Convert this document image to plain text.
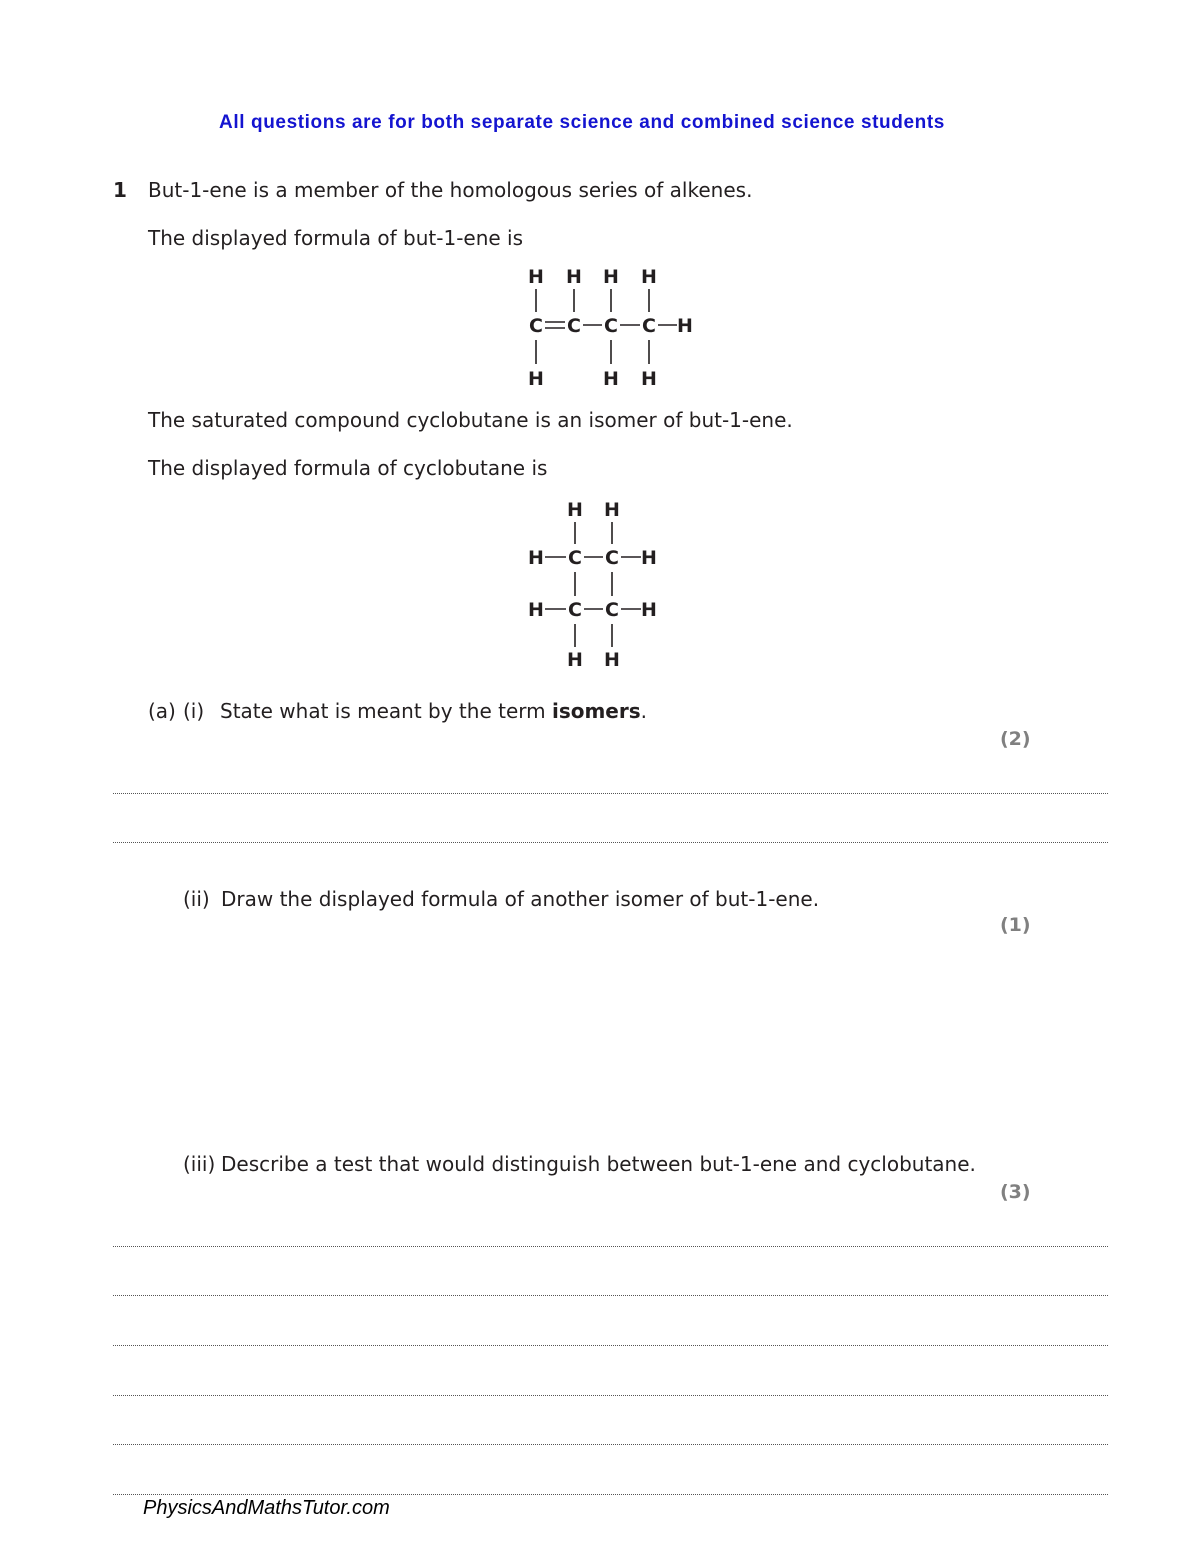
All questions are for both separate science and combined science students
1 But-1-ene is a member of the homologous series of alkenes.
The displayed formula of but-1-ene is
H H H H
C C C C H
H	H H
The saturated compound cyclobutane is an isomer of but-1-ene.
The displayed formula of cyclobutane is
H H
H C C H
H C C H
H H
(a) (i) State what is meant by the term isomers.
(2)
(ii) Draw the displayed formula of another isomer of but-1-ene.
(1)
(iii) Describe a test that would distinguish between but-1-ene and cyclobutane.
(3)
PhysicsAndMathsTutor.com
